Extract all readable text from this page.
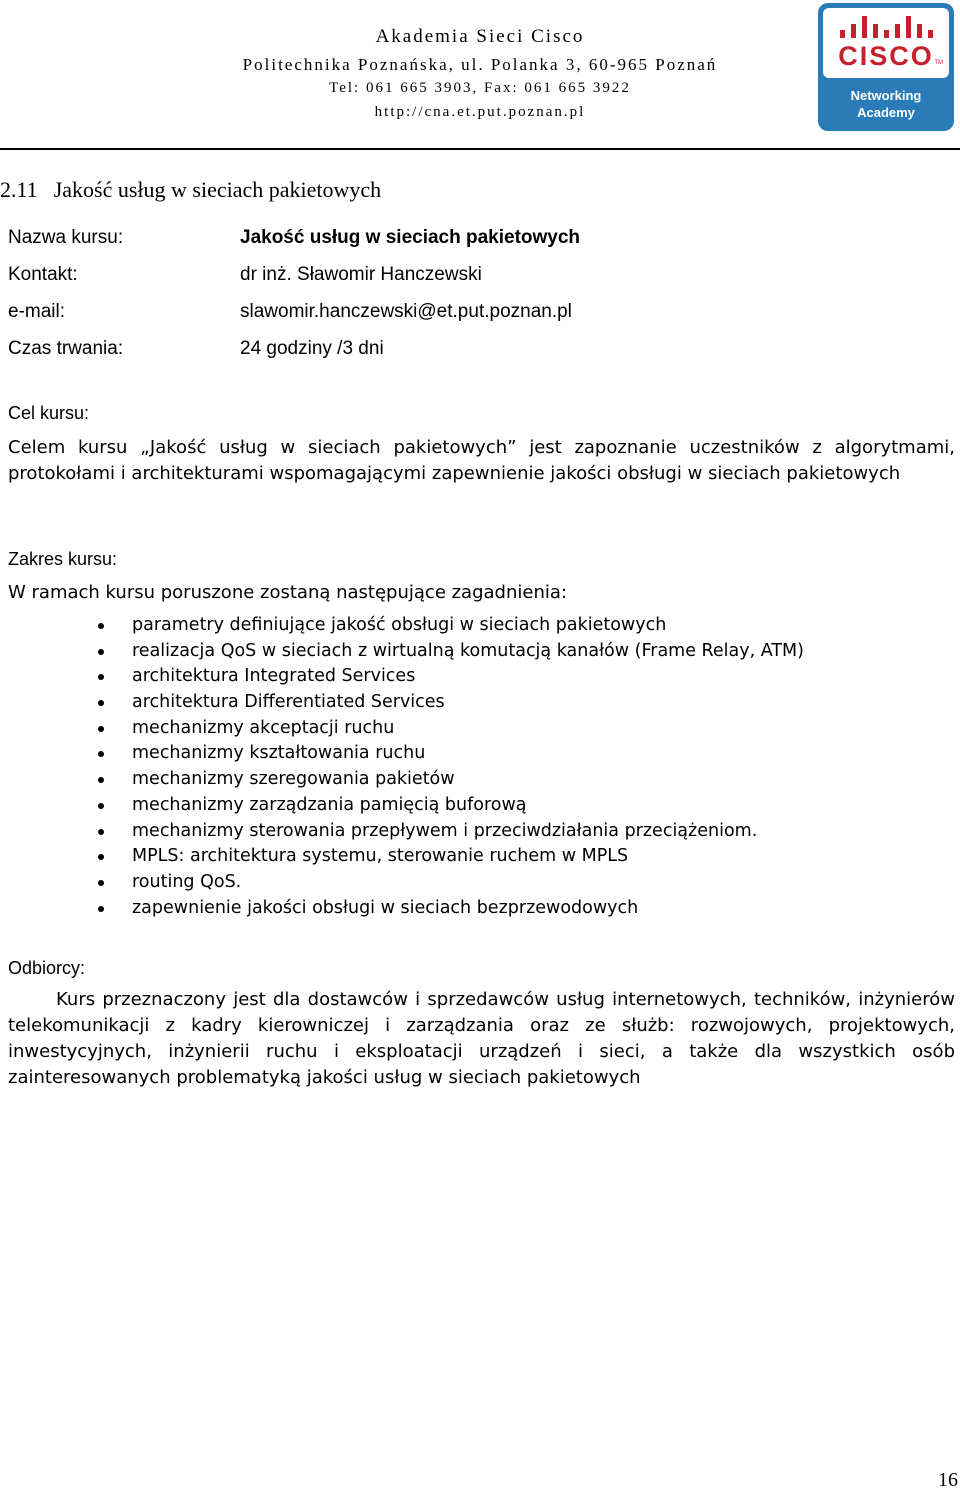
Akademia Sieci Cisco
Politechnika Poznańska, ul. Polanka 3, 60-965 Poznań
Tel: 061 665 3903, Fax: 061 665 3922
http://cna.et.put.poznan.pl
CISCO TM
Networking
Academy
2.11 Jakość usług w sieciach pakietowych
Nazwa kursu:	Jakość usług w sieciach pakietowych
Kontakt:	dr inż. Sławomir Hanczewski
e-mail:	slawomir.hanczewski@et.put.poznan.pl
Czas trwania:	24 godziny /3 dni
Cel kursu:
Celem kursu „Jakość usług w sieciach pakietowych” jest zapoznanie uczestników z algorytmami, protokołami i architekturami wspomagającymi zapewnienie jakości obsługi w sieciach pakietowych
Zakres kursu:
W ramach kursu poruszone zostaną następujące zagadnienia:
parametry definiujące jakość obsługi w sieciach pakietowych
realizacja QoS w sieciach z wirtualną komutacją kanałów (Frame Relay, ATM)
architektura Integrated Services
architektura Differentiated Services
mechanizmy akceptacji ruchu
mechanizmy kształtowania ruchu
mechanizmy szeregowania pakietów
mechanizmy zarządzania pamięcią buforową
mechanizmy sterowania przepływem i przeciwdziałania przeciążeniom.
MPLS: architektura systemu, sterowanie ruchem w MPLS
routing QoS.
zapewnienie jakości obsługi w sieciach bezprzewodowych
Odbiorcy:
Kurs przeznaczony jest dla dostawców i sprzedawców usług internetowych, techników, inżynierów telekomunikacji z kadry kierowniczej i zarządzania oraz ze służb: rozwojowych, projektowych, inwestycyjnych, inżynierii ruchu i eksploatacji urządzeń i sieci, a także dla wszystkich osób zainteresowanych problematyką jakości usług w sieciach pakietowych
16
